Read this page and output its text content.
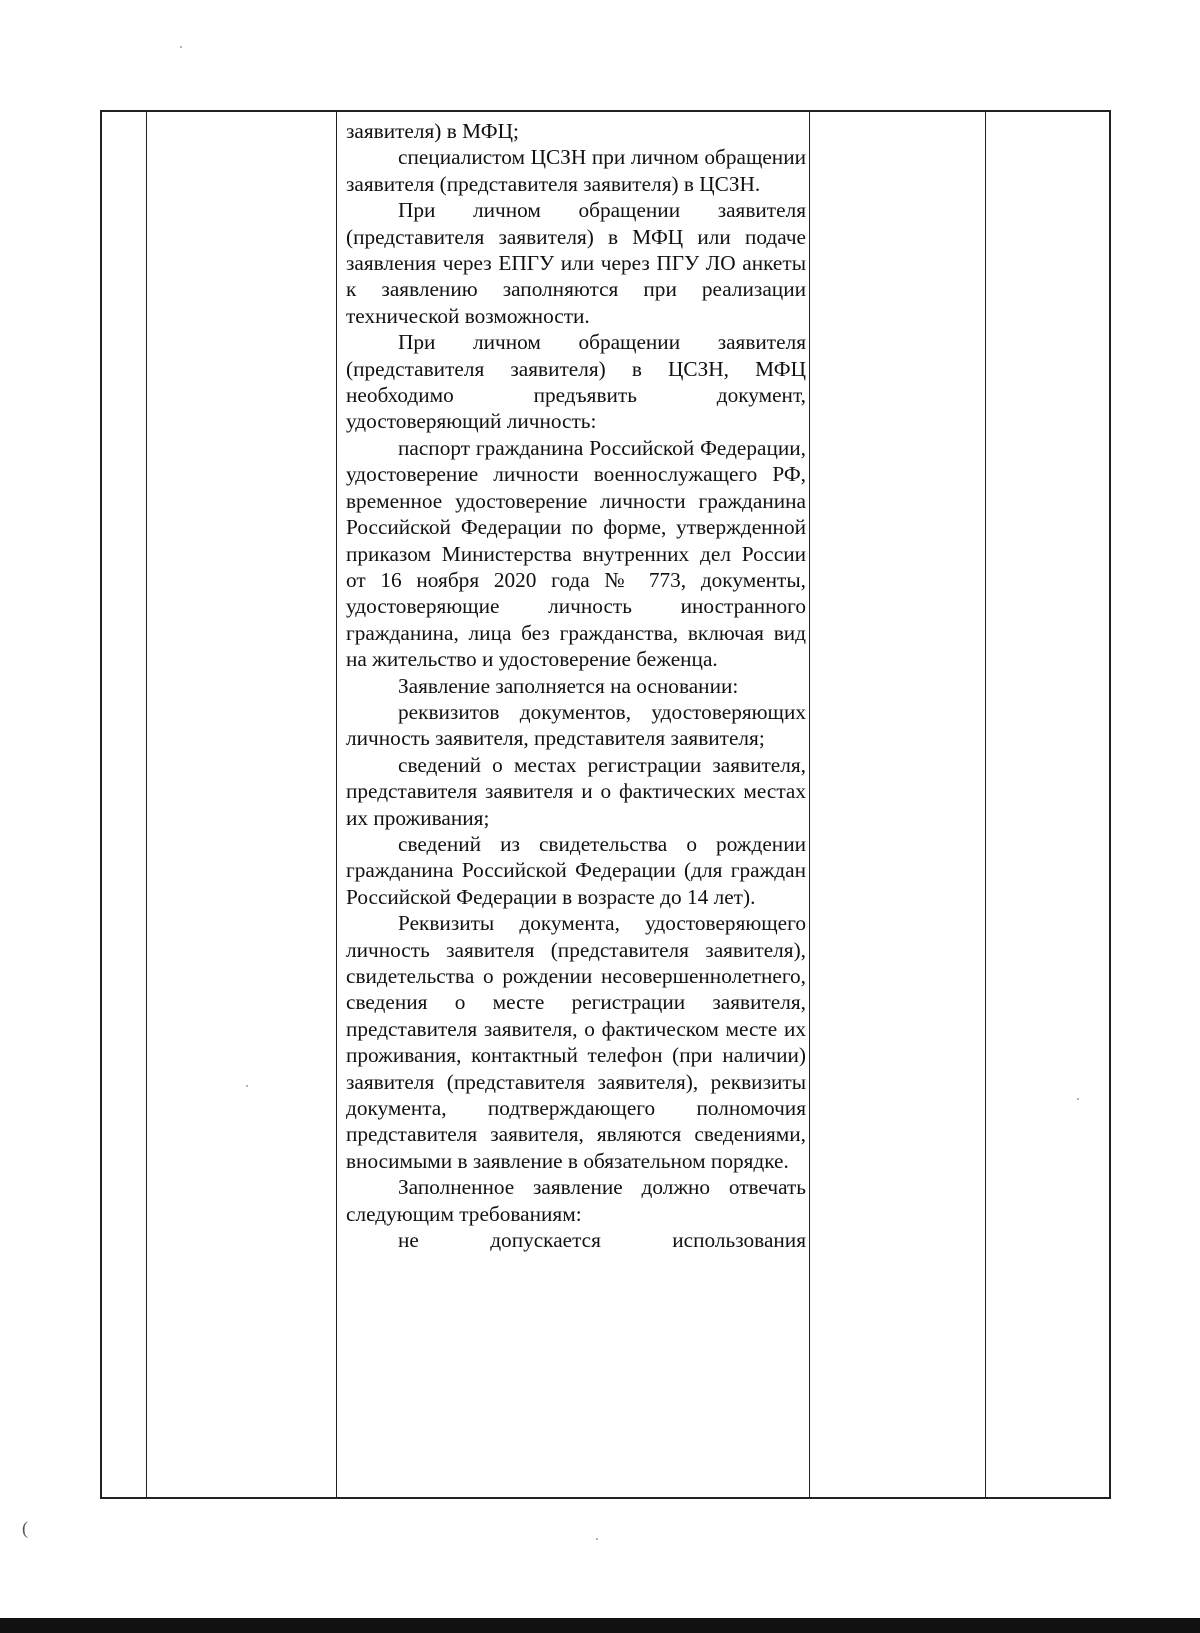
заявителя) в МФЦ;

специалистом ЦСЗН при личном обращении заявителя (представителя заявителя) в ЦСЗН.

При личном обращении заявителя (представителя заявителя) в МФЦ или подаче заявления через ЕПГУ или через ПГУ ЛО анкеты к заявлению заполняются при реализации технической возможности.

При личном обращении заявителя (представителя заявителя) в ЦСЗН, МФЦ необходимо предъявить документ, удостоверяющий личность:

паспорт гражданина Российской Федерации, удостоверение личности военнослужащего РФ, временное удостоверение личности гражданина Российской Федерации по форме, утвержденной приказом Министерства внутренних дел России от 16 ноября 2020 года № 773, документы, удостоверяющие личность иностранного гражданина, лица без гражданства, включая вид на жительство и удостоверение беженца.

Заявление заполняется на основании:

реквизитов документов, удостоверяющих личность заявителя, представителя заявителя;

сведений о местах регистрации заявителя, представителя заявителя и о фактических местах их проживания;

сведений из свидетельства о рождении гражданина Российской Федерации (для граждан Российской Федерации в возрасте до 14 лет).

Реквизиты документа, удостоверяющего личность заявителя (представителя заявителя), свидетельства о рождении несовершеннолетнего, сведения о месте регистрации заявителя, представителя заявителя, о фактическом месте их проживания, контактный телефон (при наличии) заявителя (представителя заявителя), реквизиты документа, подтверждающего полномочия представителя заявителя, являются сведениями, вносимыми в заявление в обязательном порядке.

Заполненное заявление должно отвечать следующим требованиям:

не допускается использования

(
